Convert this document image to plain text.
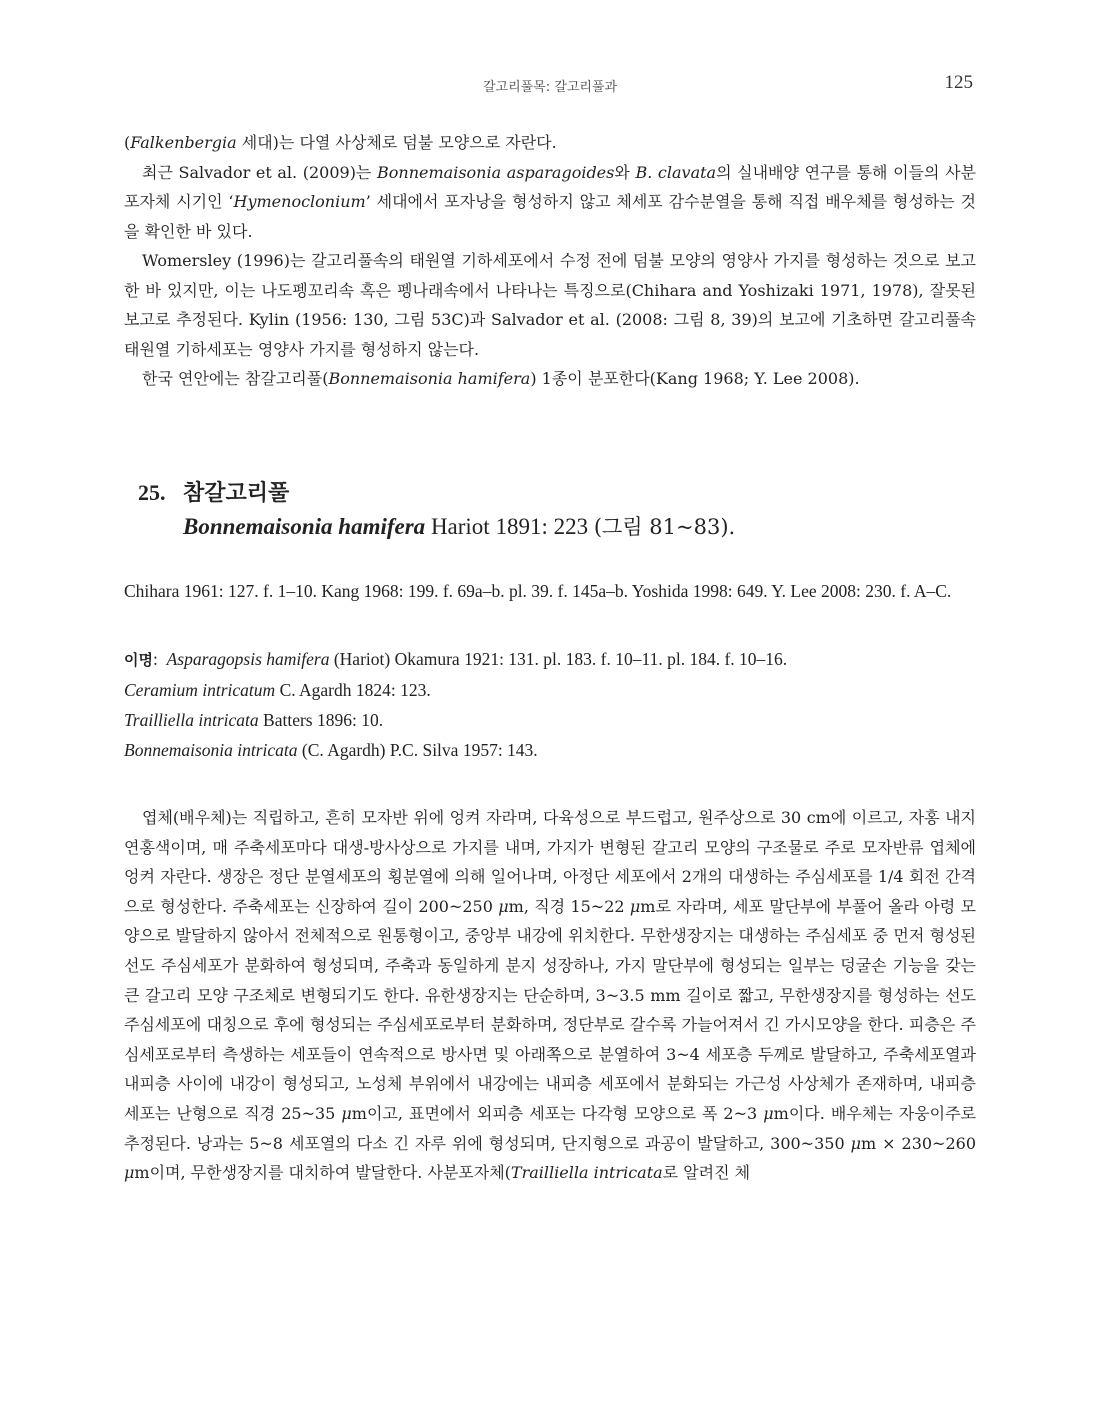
갈고리풀목: 갈고리풀과	125

(Falkenbergia 세대)는 다열 사상체로 덤불 모양으로 자란다.

최근 Salvador et al. (2009)는 Bonnemaisonia asparagoides와 B. clavata의 실내배양 연구를 통해 이들의 사분포자체 시기인 ‘Hymenoclonium’ 세대에서 포자낭을 형성하지 않고 체세포 감수분열을 통해 직접 배우체를 형성하는 것을 확인한 바 있다.

Womersley (1996)는 갈고리풀속의 태원열 기하세포에서 수정 전에 덤불 모양의 영양사 가지를 형성하는 것으로 보고한 바 있지만, 이는 나도펭꼬리속 혹은 펭나래속에서 나타나는 특징으로(Chihara and Yoshizaki 1971, 1978), 잘못된 보고로 추정된다. Kylin (1956: 130, 그림 53C)과 Salvador et al. (2008: 그림 8, 39)의 보고에 기초하면 갈고리풀속 태원열 기하세포는 영양사 가지를 형성하지 않는다.

한국 연안에는 참갈고리풀(Bonnemaisonia hamifera) 1종이 분포한다(Kang 1968; Y. Lee 2008).

25. 참갈고리풀
Bonnemaisonia hamifera Hariot 1891: 223 (그림 81~83).
Chihara 1961: 127. f. 1–10. Kang 1968: 199. f. 69a–b. pl. 39. f. 145a–b. Yoshida 1998: 649. Y. Lee 2008: 230. f. A–C.
이명:  Asparagopsis hamifera (Hariot) Okamura 1921: 131. pl. 183. f. 10–11. pl. 184. f. 10–16.
Ceramium intricatum C. Agardh 1824: 123.
Trailliella intricata Batters 1896: 10.
Bonnemaisonia intricata (C. Agardh) P.C. Silva 1957: 143.

엽체(배우체)는 직립하고, 흔히 모자반 위에 엉켜 자라며, 다육성으로 부드럽고, 원주상으로 30 cm에 이르고, 자홍 내지 연홍색이며, 매 주축세포마다 대생-방사상으로 가지를 내며, 가지가 변형된 갈고리 모양의 구조물로 주로 모자반류 엽체에 엉켜 자란다. 생장은 정단 분열세포의 횡분열에 의해 일어나며, 아정단 세포에서 2개의 대생하는 주심세포를 1/4 회전 간격으로 형성한다. 주축세포는 신장하여 길이 200~250 μm, 직경 15~22 μm로 자라며, 세포 말단부에 부풀어 올라 아령 모양으로 발달하지 않아서 전체적으로 원통형이고, 중앙부 내강에 위치한다. 무한생장지는 대생하는 주심세포 중 먼저 형성된 선도 주심세포가 분화하여 형성되며, 주축과 동일하게 분지 성장하나, 가지 말단부에 형성되는 일부는 덩굴손 기능을 갖는 큰 갈고리 모양 구조체로 변형되기도 한다. 유한생장지는 단순하며, 3~3.5 mm 길이로 짧고, 무한생장지를 형성하는 선도 주심세포에 대칭으로 후에 형성되는 주심세포로부터 분화하며, 정단부로 갈수록 가늘어져서 긴 가시모양을 한다. 피층은 주심세포로부터 측생하는 세포들이 연속적으로 방사면 및 아래쪽으로 분열하여 3~4 세포층 두께로 발달하고, 주축세포열과 내피층 사이에 내강이 형성되고, 노성체 부위에서 내강에는 내피층 세포에서 분화되는 가근성 사상체가 존재하며, 내피층 세포는 난형으로 직경 25~35 μm이고, 표면에서 외피층 세포는 다각형 모양으로 폭 2~3 μm이다. 배우체는 자웅이주로 추정된다. 낭과는 5~8 세포열의 다소 긴 자루 위에 형성되며, 단지형으로 과공이 발달하고, 300~350 μm × 230~260 μm이며, 무한생장지를 대치하여 발달한다. 사분포자체(Trailliella intricata로 알려진 체
